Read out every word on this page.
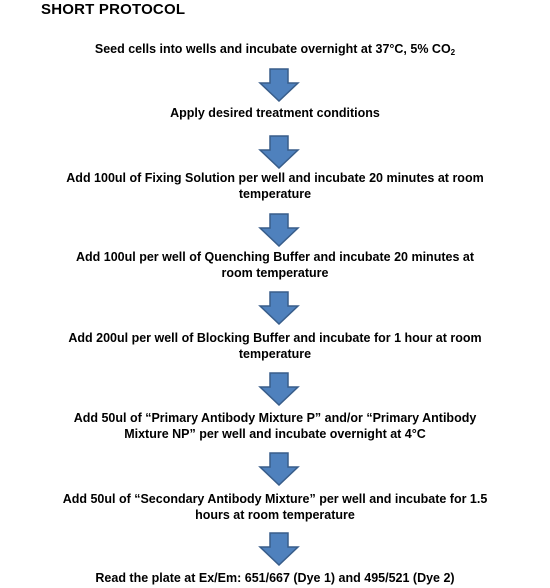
SHORT PROTOCOL
Seed cells into wells and incubate overnight at 37°C, 5% $CO_2$
Apply desired treatment conditions
Add 100ul of Fixing Solution per well and incubate 20 minutes at room
temperature
Add 100ul per well of Quenching Buffer and incubate 20 minutes at
room temperature
Add 200ul per well of Blocking Buffer and incubate for 1 hour at room
temperature
Add 50ul of “Primary Antibody Mixture P” and/or “Primary Antibody
Mixture NP” per well and incubate overnight at 4°C
Add 50ul of “Secondary Antibody Mixture” per well and incubate for 1.5
hours at room temperature
Read the plate at Ex/Em: 651/667 (Dye 1) and 495/521 (Dye 2)
